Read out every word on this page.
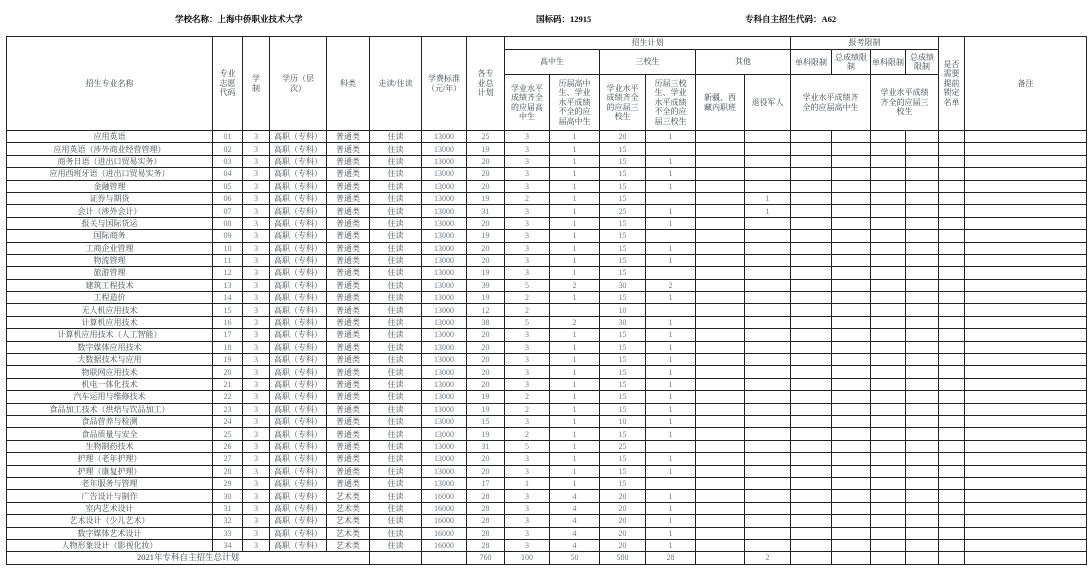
学校名称：上海中侨职业技术大学	国标码：12915	专科自主招生代码：A62
招生专业名称	专业志愿代码	学制	学历（层次）	科类	走读/住读	学费标准（元/年）	各专业总计划	招生计划						报考限制				是否需要提前锁定名单	备注
								高中生		三校生		其他		单科限制	总成绩限制	单科限制	总成绩限制		
								学业水平成绩齐全的应届高中生	历届高中生、学业水平成绩不全的应届高中生	学业水平成绩齐全的应届三校生	历届三校生、学业水平成绩不全的应届三校生	新疆、西藏内职班	退役军人	学业水平成绩齐全的应届高中生		学业水平成绩齐全的应届三校生			
应用英语	01	3	高职（专科）	普通类	住读	13000	25	3	1	20	1								
应用英语（涉外商业经营管理）	02	3	高职（专科）	普通类	住读	13000	19	3	1	15									
商务日语（进出口贸易实务）	03	3	高职（专科）	普通类	住读	13000	20	3	1	15	1								
应用西班牙语（进出口贸易实务）	04	3	高职（专科）	普通类	住读	13000	20	3	1	15	1								
金融管理	05	3	高职（专科）	普通类	住读	13000	20	3	1	15	1								
证券与期货	06	3	高职（专科）	普通类	住读	13000	19	2	1	15			1						
会计（涉外会计）	07	3	高职（专科）	普通类	住读	13000	31	3	1	25	1		1						
报关与国际货运	08	3	高职（专科）	普通类	住读	13000	20	3	1	15	1								
国际商务	09	3	高职（专科）	普通类	住读	13000	19	3	1	15									
工商企业管理	10	3	高职（专科）	普通类	住读	13000	20	3	1	15	1								
物流管理	11	3	高职（专科）	普通类	住读	13000	20	3	1	15	1								
旅游管理	12	3	高职（专科）	普通类	住读	13000	19	3	1	15									
建筑工程技术	13	3	高职（专科）	普通类	住读	13000	39	5	2	30	2								
工程造价	14	3	高职（专科）	普通类	住读	13000	19	2	1	15	1								
无人机应用技术	15	3	高职（专科）	普通类	住读	13000	12	2		10									
计算机应用技术	16	3	高职（专科）	普通类	住读	13000	38	5	2	30	1								
计算机应用技术（人工智能）	17	3	高职（专科）	普通类	住读	13000	20	3	1	15	1								
数字媒体应用技术	18	3	高职（专科）	普通类	住读	13000	20	3	1	15	1								
大数据技术与应用	19	3	高职（专科）	普通类	住读	13000	20	3	1	15	1								
物联网应用技术	20	3	高职（专科）	普通类	住读	13000	20	3	1	15	1								
机电一体化技术	21	3	高职（专科）	普通类	住读	13000	20	3	1	15	1								
汽车运用与维修技术	22	3	高职（专科）	普通类	住读	13000	19	2	1	15	1								
食品加工技术（烘焙与饮品加工）	23	3	高职（专科）	普通类	住读	13000	19	2	1	15	1								
食品营养与检测	24	3	高职（专科）	普通类	住读	13000	15	3	1	10	1								
食品质量与安全	25	3	高职（专科）	普通类	住读	13000	19	2	1	15	1								
生物制药技术	26	3	高职（专科）	普通类	住读	13000	31	5	1	25									
护理（老年护理）	27	3	高职（专科）	普通类	住读	13000	20	3	1	15	1								
护理（康复护理）	28	3	高职（专科）	普通类	住读	13000	20	3	1	15	1								
老年服务与管理	29	3	高职（专科）	普通类	住读	13000	17	1	1	15									
广告设计与制作	30	3	高职（专科）	艺术类	住读	16000	28	3	4	20	1								
室内艺术设计	31	3	高职（专科）	艺术类	住读	16000	28	3	4	20	1								
艺术设计（少儿艺术）	32	3	高职（专科）	艺术类	住读	16000	28	3	4	20	1								
数字媒体艺术设计	33	3	高职（专科）	艺术类	住读	16000	28	3	4	20	1								
人物形象设计（影视化妆）	34	3	高职（专科）	艺术类	住读	16000	28	3	4	20	1								
2021年专科自主招生总计划							760	100	50	580	28		2						
